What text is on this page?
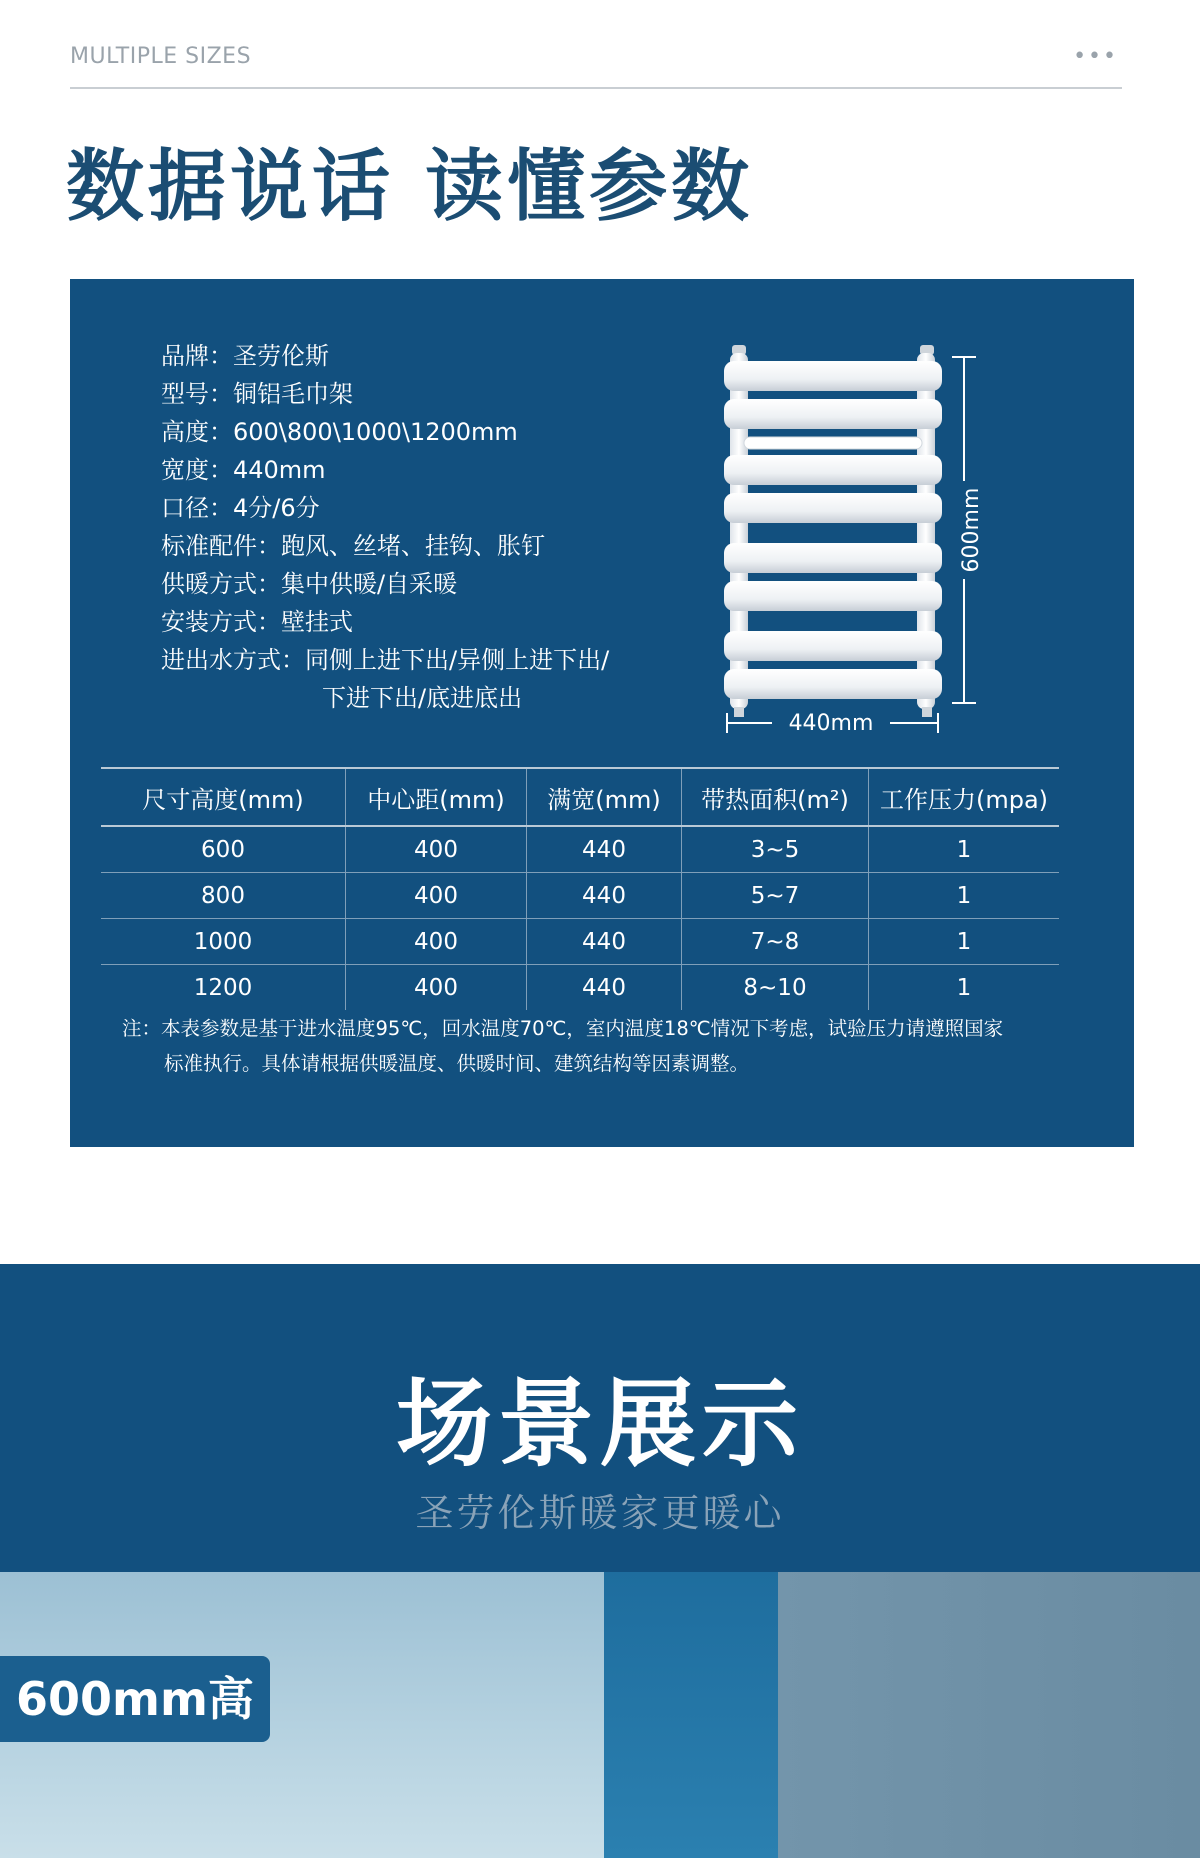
MULTIPLE SIZES	•••
数据说话 读懂参数
品牌：圣劳伦斯
型号：铜铝毛巾架
高度：600\800\1000\1200mm
宽度：440mm
口径：4分/6分
标准配件：跑风、丝堵、挂钩、胀钉
供暖方式：集中供暖/自采暖
安装方式：壁挂式
进出水方式：同侧上进下出/异侧上进下出/
下进下出/底进底出
600mm
440mm
尺寸高度(mm)	中心距(mm)	满宽(mm)	带热面积(m²)	工作压力(mpa)
600	400	440	3~5	1
800	400	440	5~7	1
1000	400	440	7~8	1
1200	400	440	8~10	1
注：本表参数是基于进水温度95℃，回水温度70℃，室内温度18℃情况下考虑，试验压力请遵照国家
标准执行。具体请根据供暖温度、供暖时间、建筑结构等因素调整。
场景展示
圣劳伦斯暖家更暖心
600mm高
